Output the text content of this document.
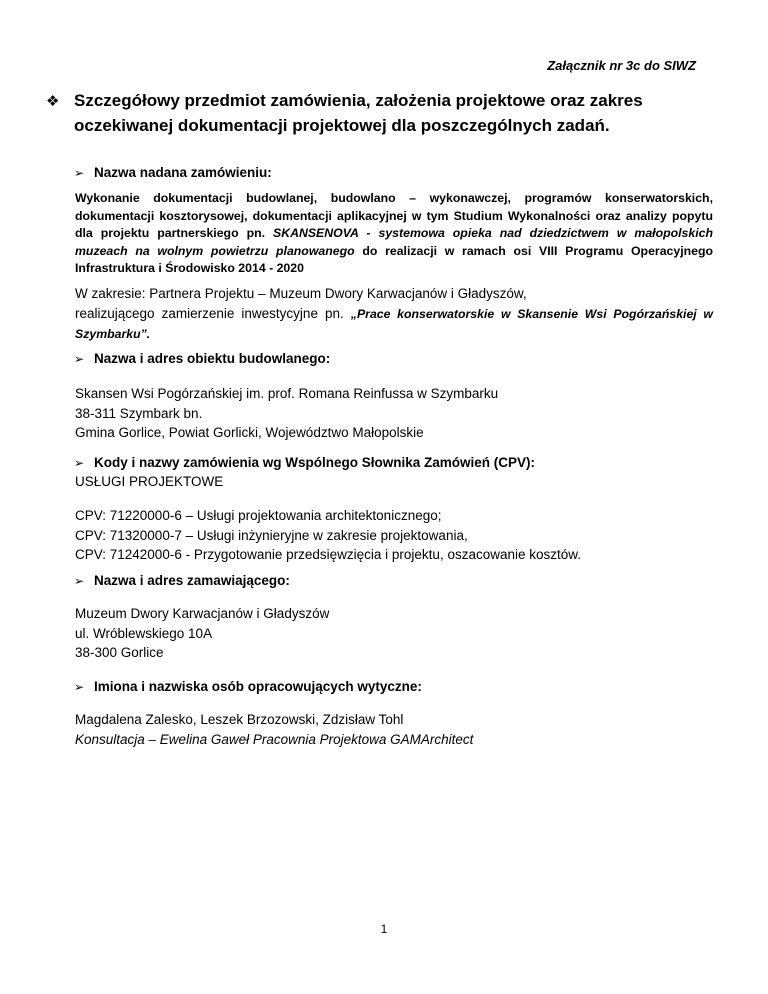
Załącznik nr 3c do SIWZ
❖ Szczegółowy przedmiot zamówienia, założenia projektowe oraz zakres oczekiwanej dokumentacji projektowej dla poszczególnych zadań.
➢ Nazwa nadana zamówieniu:
Wykonanie dokumentacji budowlanej, budowlano – wykonawczej, programów konserwatorskich, dokumentacji kosztorysowej, dokumentacji aplikacyjnej w tym Studium Wykonalności oraz analizy popytu dla projektu partnerskiego pn. SKANSENOVA - systemowa opieka nad dziedzictwem w małopolskich muzeach na wolnym powietrzu planowanego do realizacji w ramach osi VIII Programu Operacyjnego Infrastruktura i Środowisko 2014 - 2020
W zakresie: Partnera Projektu – Muzeum Dwory Karwacjanów i Gładyszów,
realizującego zamierzenie inwestycyjne pn. „Prace konserwatorskie w Skansenie Wsi Pogórzańskiej w Szymbarku”.
➢ Nazwa i adres obiektu budowlanego:
Skansen Wsi Pogórzańskiej im. prof. Romana Reinfussa w Szymbarku
38-311 Szymbark bn.
Gmina Gorlice, Powiat Gorlicki, Województwo Małopolskie
➢ Kody i nazwy zamówienia wg Wspólnego Słownika Zamówień (CPV):
USŁUGI PROJEKTOWE
CPV: 71220000-6 – Usługi projektowania architektonicznego;
CPV: 71320000-7 – Usługi inżynieryjne w zakresie projektowania,
CPV: 71242000-6 - Przygotowanie przedsięwzięcia i projektu, oszacowanie kosztów.
➢ Nazwa i adres zamawiającego:
Muzeum Dwory Karwacjanów i Gładyszów
ul. Wróblewskiego 10A
38-300 Gorlice
➢ Imiona i nazwiska osób opracowujących wytyczne:
Magdalena Zalesko, Leszek Brzozowski, Zdzisław Tohl
Konsultacja – Ewelina Gaweł Pracownia Projektowa GAMArchitect
1
